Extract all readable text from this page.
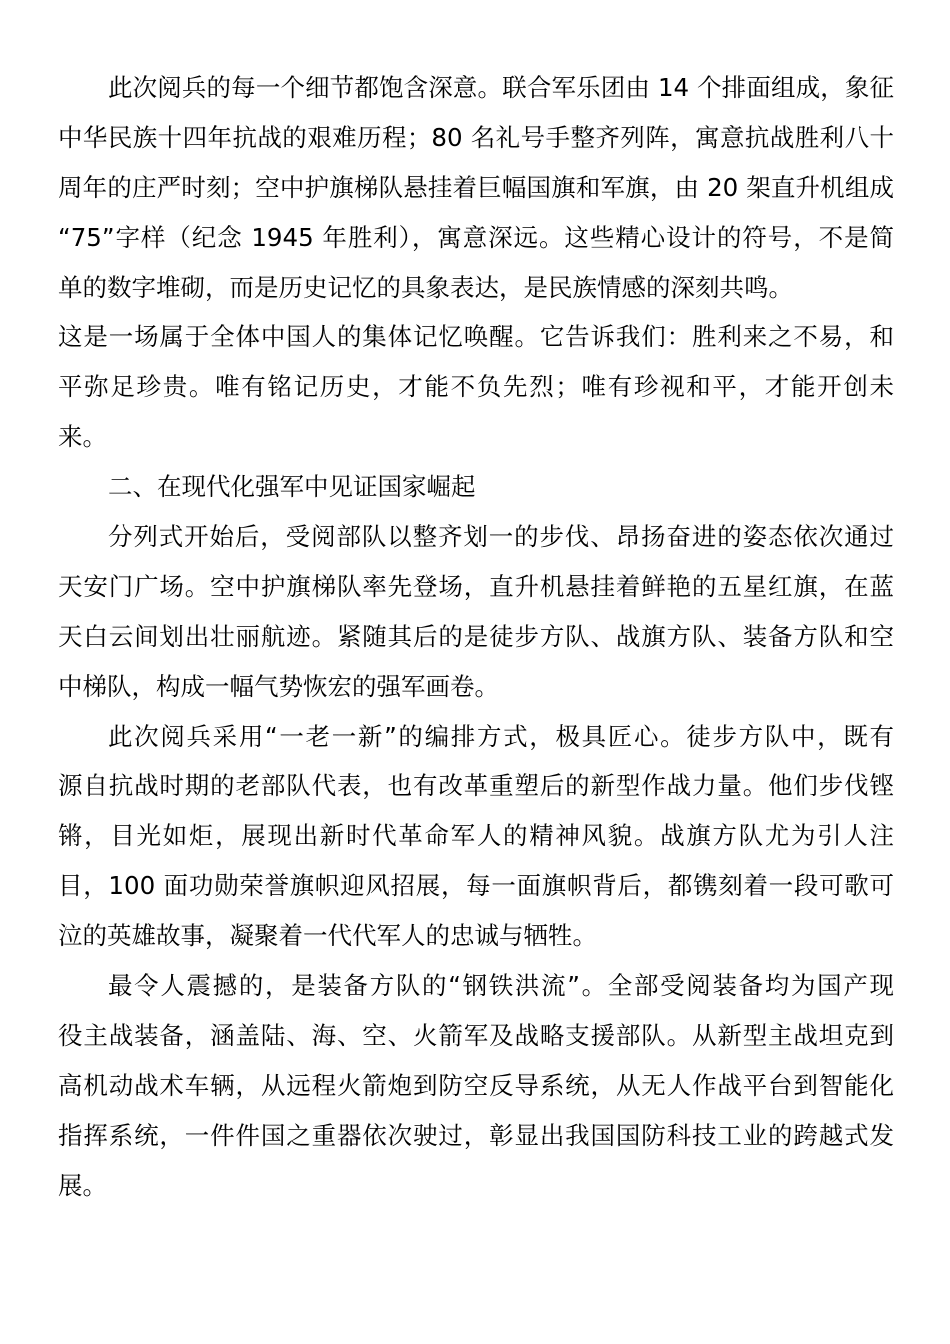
此次阅兵的每一个细节都饱含深意。联合军乐团由 14 个排面组成，象征
中华民族十四年抗战的艰难历程；80 名礼号手整齐列阵，寓意抗战胜利八十
周年的庄严时刻；空中护旗梯队悬挂着巨幅国旗和军旗，由 20 架直升机组成
“75”字样（纪念 1945 年胜利），寓意深远。这些精心设计的符号，不是简
单的数字堆砌，而是历史记忆的具象表达，是民族情感的深刻共鸣。
这是一场属于全体中国人的集体记忆唤醒。它告诉我们：胜利来之不易，和
平弥足珍贵。唯有铭记历史，才能不负先烈；唯有珍视和平，才能开创未
来。
二、在现代化强军中见证国家崛起
分列式开始后，受阅部队以整齐划一的步伐、昂扬奋进的姿态依次通过
天安门广场。空中护旗梯队率先登场，直升机悬挂着鲜艳的五星红旗，在蓝
天白云间划出壮丽航迹。紧随其后的是徒步方队、战旗方队、装备方队和空
中梯队，构成一幅气势恢宏的强军画卷。
此次阅兵采用“一老一新”的编排方式，极具匠心。徒步方队中，既有
源自抗战时期的老部队代表，也有改革重塑后的新型作战力量。他们步伐铿
锵，目光如炬，展现出新时代革命军人的精神风貌。战旗方队尤为引人注
目，100 面功勋荣誉旗帜迎风招展，每一面旗帜背后，都镌刻着一段可歌可
泣的英雄故事，凝聚着一代代军人的忠诚与牺牲。
最令人震撼的，是装备方队的“钢铁洪流”。全部受阅装备均为国产现
役主战装备，涵盖陆、海、空、火箭军及战略支援部队。从新型主战坦克到
高机动战术车辆，从远程火箭炮到防空反导系统，从无人作战平台到智能化
指挥系统，一件件国之重器依次驶过，彰显出我国国防科技工业的跨越式发
展。
